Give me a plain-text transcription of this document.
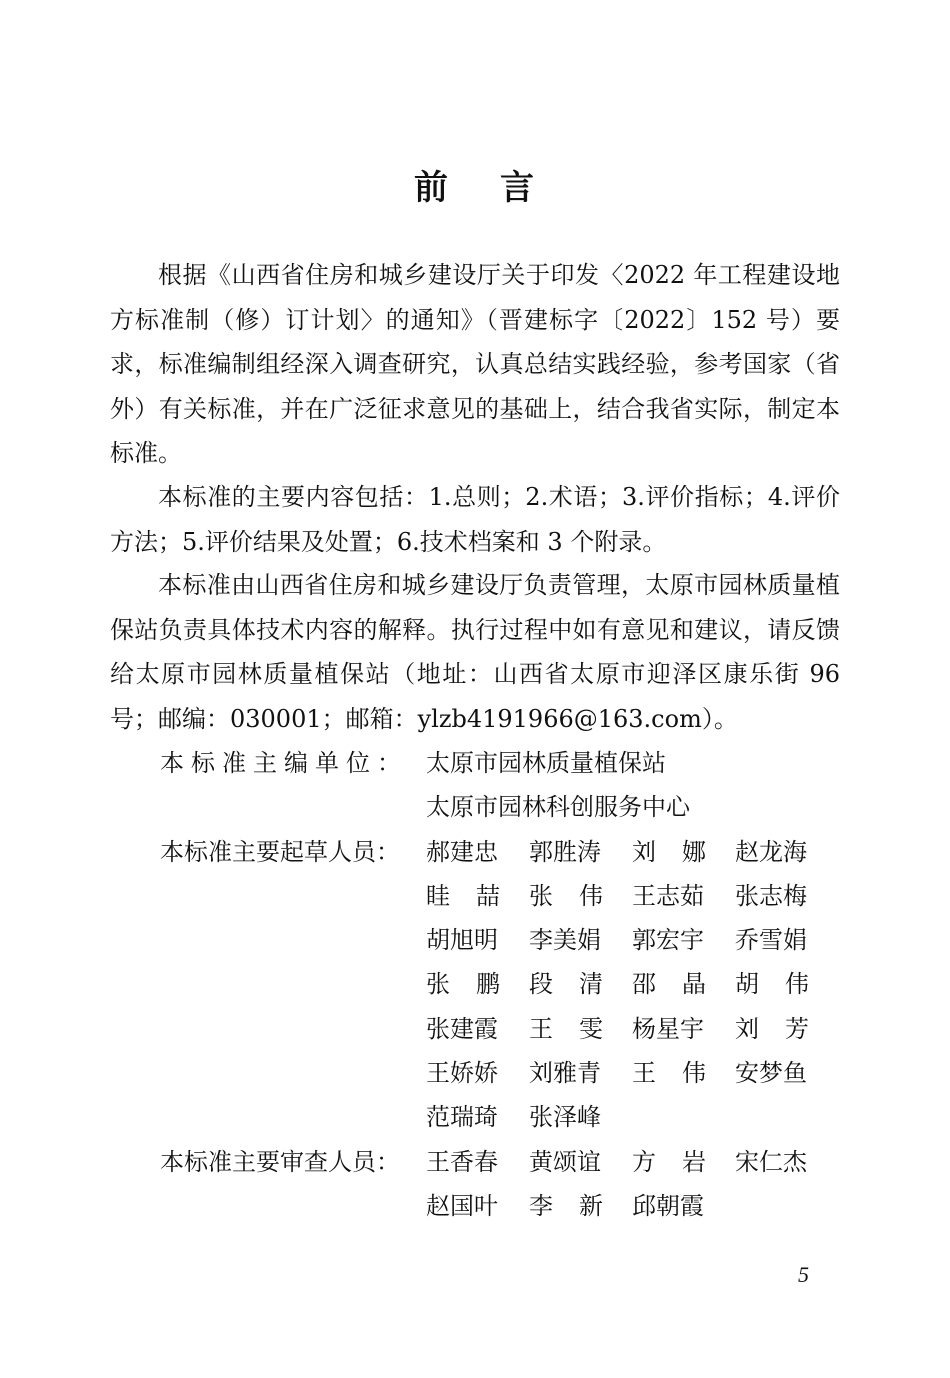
前 言

根据《山西省住房和城乡建设厅关于印发〈2022 年工程建设地方标准制（修）订计划〉的通知》（晋建标字〔2022〕152 号）要求，标准编制组经深入调查研究，认真总结实践经验，参考国家（省外）有关标准，并在广泛征求意见的基础上，结合我省实际，制定本标准。

本标准的主要内容包括：1.总则；2.术语；3.评价指标；4.评价方法；5.评价结果及处置；6.技术档案和 3 个附录。

本标准由山西省住房和城乡建设厅负责管理，太原市园林质量植保站负责具体技术内容的解释。执行过程中如有意见和建议，请反馈给太原市园林质量植保站（地址：山西省太原市迎泽区康乐街 96 号；邮编：030001；邮箱：ylzb4191966@163.com）。

本标准主编单位： 太原市园林质量植保站
太原市园林科创服务中心
本标准主要起草人员：	郝建忠	郭胜涛	刘娜 赵龙海
眭喆 张伟 王志茹	张志梅
胡旭明	李美娟	郭宏宇	乔雪娟
张鹏 段清 邵晶 胡伟
张建霞	王雯 杨星宇	刘芳
王娇娇	刘雅青	王伟 安梦鱼
范瑞琦	张泽峰
本标准主要审查人员：	王香春	黄颂谊	方岩 宋仁杰
赵国叶	李新 邱朝霞
5
